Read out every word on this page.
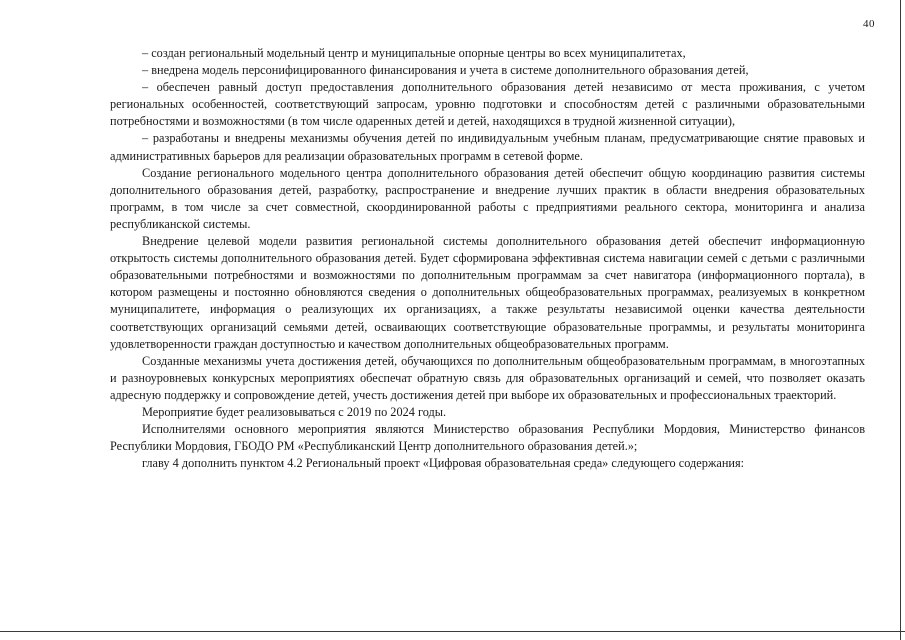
40

– создан региональный модельный центр и муниципальные опорные центры во всех муниципалитетах,

– внедрена модель персонифицированного финансирования и учета в системе дополнительного образования детей,

– обеспечен равный доступ предоставления дополнительного образования детей независимо от места проживания, с учетом региональных особенностей, соответствующий запросам, уровню подготовки и способностям детей с различными образовательными потребностями и возможностями (в том числе одаренных детей и детей, находящихся в трудной жизненной ситуации),

– разработаны и внедрены механизмы обучения детей по индивидуальным учебным планам, предусматривающие снятие правовых и административных барьеров для реализации образовательных программ в сетевой форме.

Создание регионального модельного центра дополнительного образования детей обеспечит общую координацию развития системы дополнительного образования детей, разработку, распространение и внедрение лучших практик в области внедрения образовательных программ, в том числе за счет совместной, скоординированной работы с предприятиями реального сектора, мониторинга и анализа республиканской системы.

Внедрение целевой модели развития региональной системы дополнительного образования детей обеспечит информационную открытость системы дополнительного образования детей. Будет сформирована эффективная система навигации семей с детьми с различными образовательными потребностями и возможностями по дополнительным программам за счет навигатора (информационного портала), в котором размещены и постоянно обновляются сведения о дополнительных общеобразовательных программах, реализуемых в конкретном муниципалитете, информация о реализующих их организациях, а также результаты независимой оценки качества деятельности соответствующих организаций семьями детей, осваивающих соответствующие образовательные программы, и результаты мониторинга удовлетворенности граждан доступностью и качеством дополнительных общеобразовательных программ.

Созданные механизмы учета достижения детей, обучающихся по дополнительным общеобразовательным программам, в многоэтапных и разноуровневых конкурсных мероприятиях обеспечат обратную связь для образовательных организаций и семей, что позволяет оказать адресную поддержку и сопровождение детей, учесть достижения детей при выборе их образовательных и профессиональных траекторий.

Мероприятие будет реализовываться с 2019 по 2024 годы.

Исполнителями основного мероприятия являются Министерство образования Республики Мордовия, Министерство финансов Республики Мордовия, ГБОДО РМ «Республиканский Центр дополнительного образования детей.»;

главу 4 дополнить пунктом 4.2 Региональный проект «Цифровая образовательная среда» следующего содержания:
